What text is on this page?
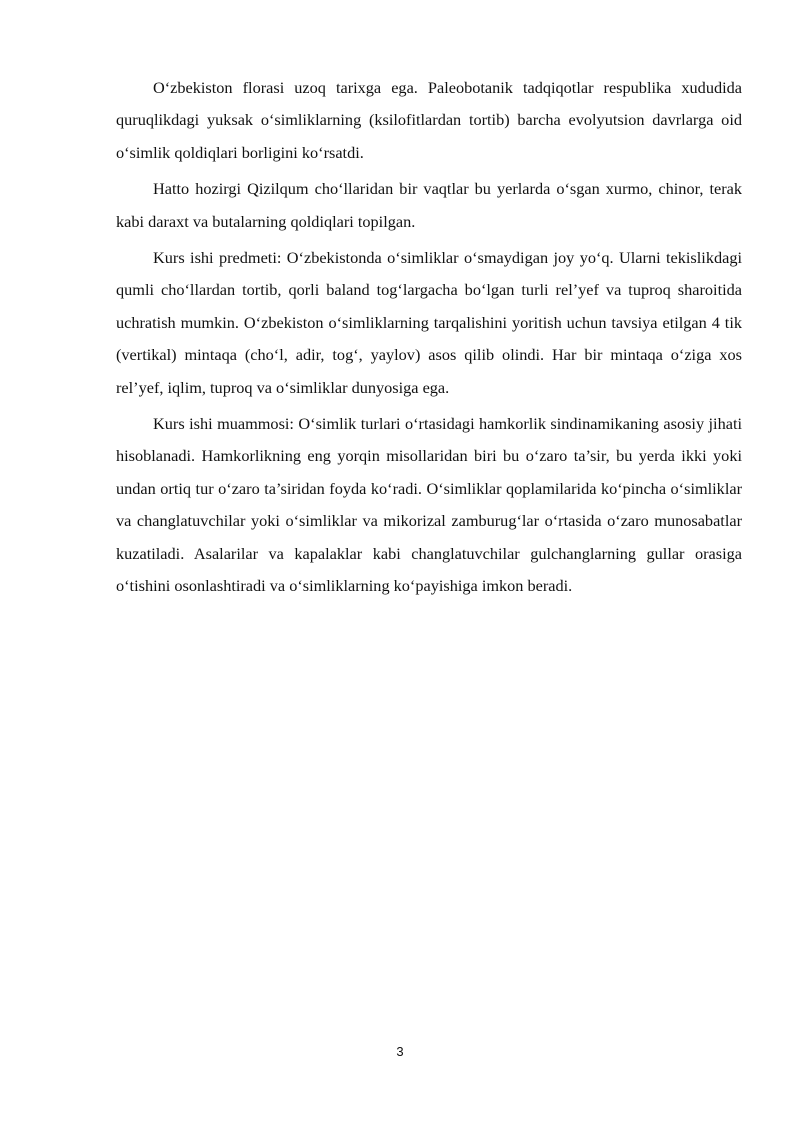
O‘zbekiston florasi uzoq tarixga ega. Paleobotanik tadqiqotlar respublika xududida quruqlikdagi yuksak o‘simliklarning (ksilofitlardan tortib) barcha evolyutsion davrlarga oid o‘simlik qoldiqlari borligini ko‘rsatdi.

Hatto hozirgi Qizilqum cho‘llaridan bir vaqtlar bu yerlarda o‘sgan xurmo, chinor, terak kabi daraxt va butalarning qoldiqlari topilgan.

Kurs ishi predmeti: O‘zbekistonda o‘simliklar o‘smaydigan joy yo‘q. Ularni tekislikdagi qumli cho‘llardan tortib, qorli baland tog‘largacha bo‘lgan turli rel’yef va tuproq sharoitida uchratish mumkin. O‘zbekiston o‘simliklarning tarqalishini yoritish uchun tavsiya etilgan 4 tik (vertikal) mintaqa (cho‘l, adir, tog‘, yaylov) asos qilib olindi. Har bir mintaqa o‘ziga xos rel’yef, iqlim, tuproq va o‘simliklar dunyosiga ega.

Kurs ishi muammosi: O‘simlik turlari o‘rtasidagi hamkorlik sindinamikaning asosiy jihati hisoblanadi. Hamkorlikning eng yorqin misollaridan biri bu o‘zaro ta’sir, bu yerda ikki yoki undan ortiq tur o‘zaro ta’siridan foyda ko‘radi. O‘simliklar qoplamilarida ko‘pincha o‘simliklar va changlatuvchilar yoki o‘simliklar va mikorizal zamburug‘lar o‘rtasida o‘zaro munosabatlar kuzatiladi. Asalarilar va kapalaklar kabi changlatuvchilar gulchanglarning gullar orasiga o‘tishini osonlashtiradi va o‘simliklarning ko‘payishiga imkon beradi.

3
